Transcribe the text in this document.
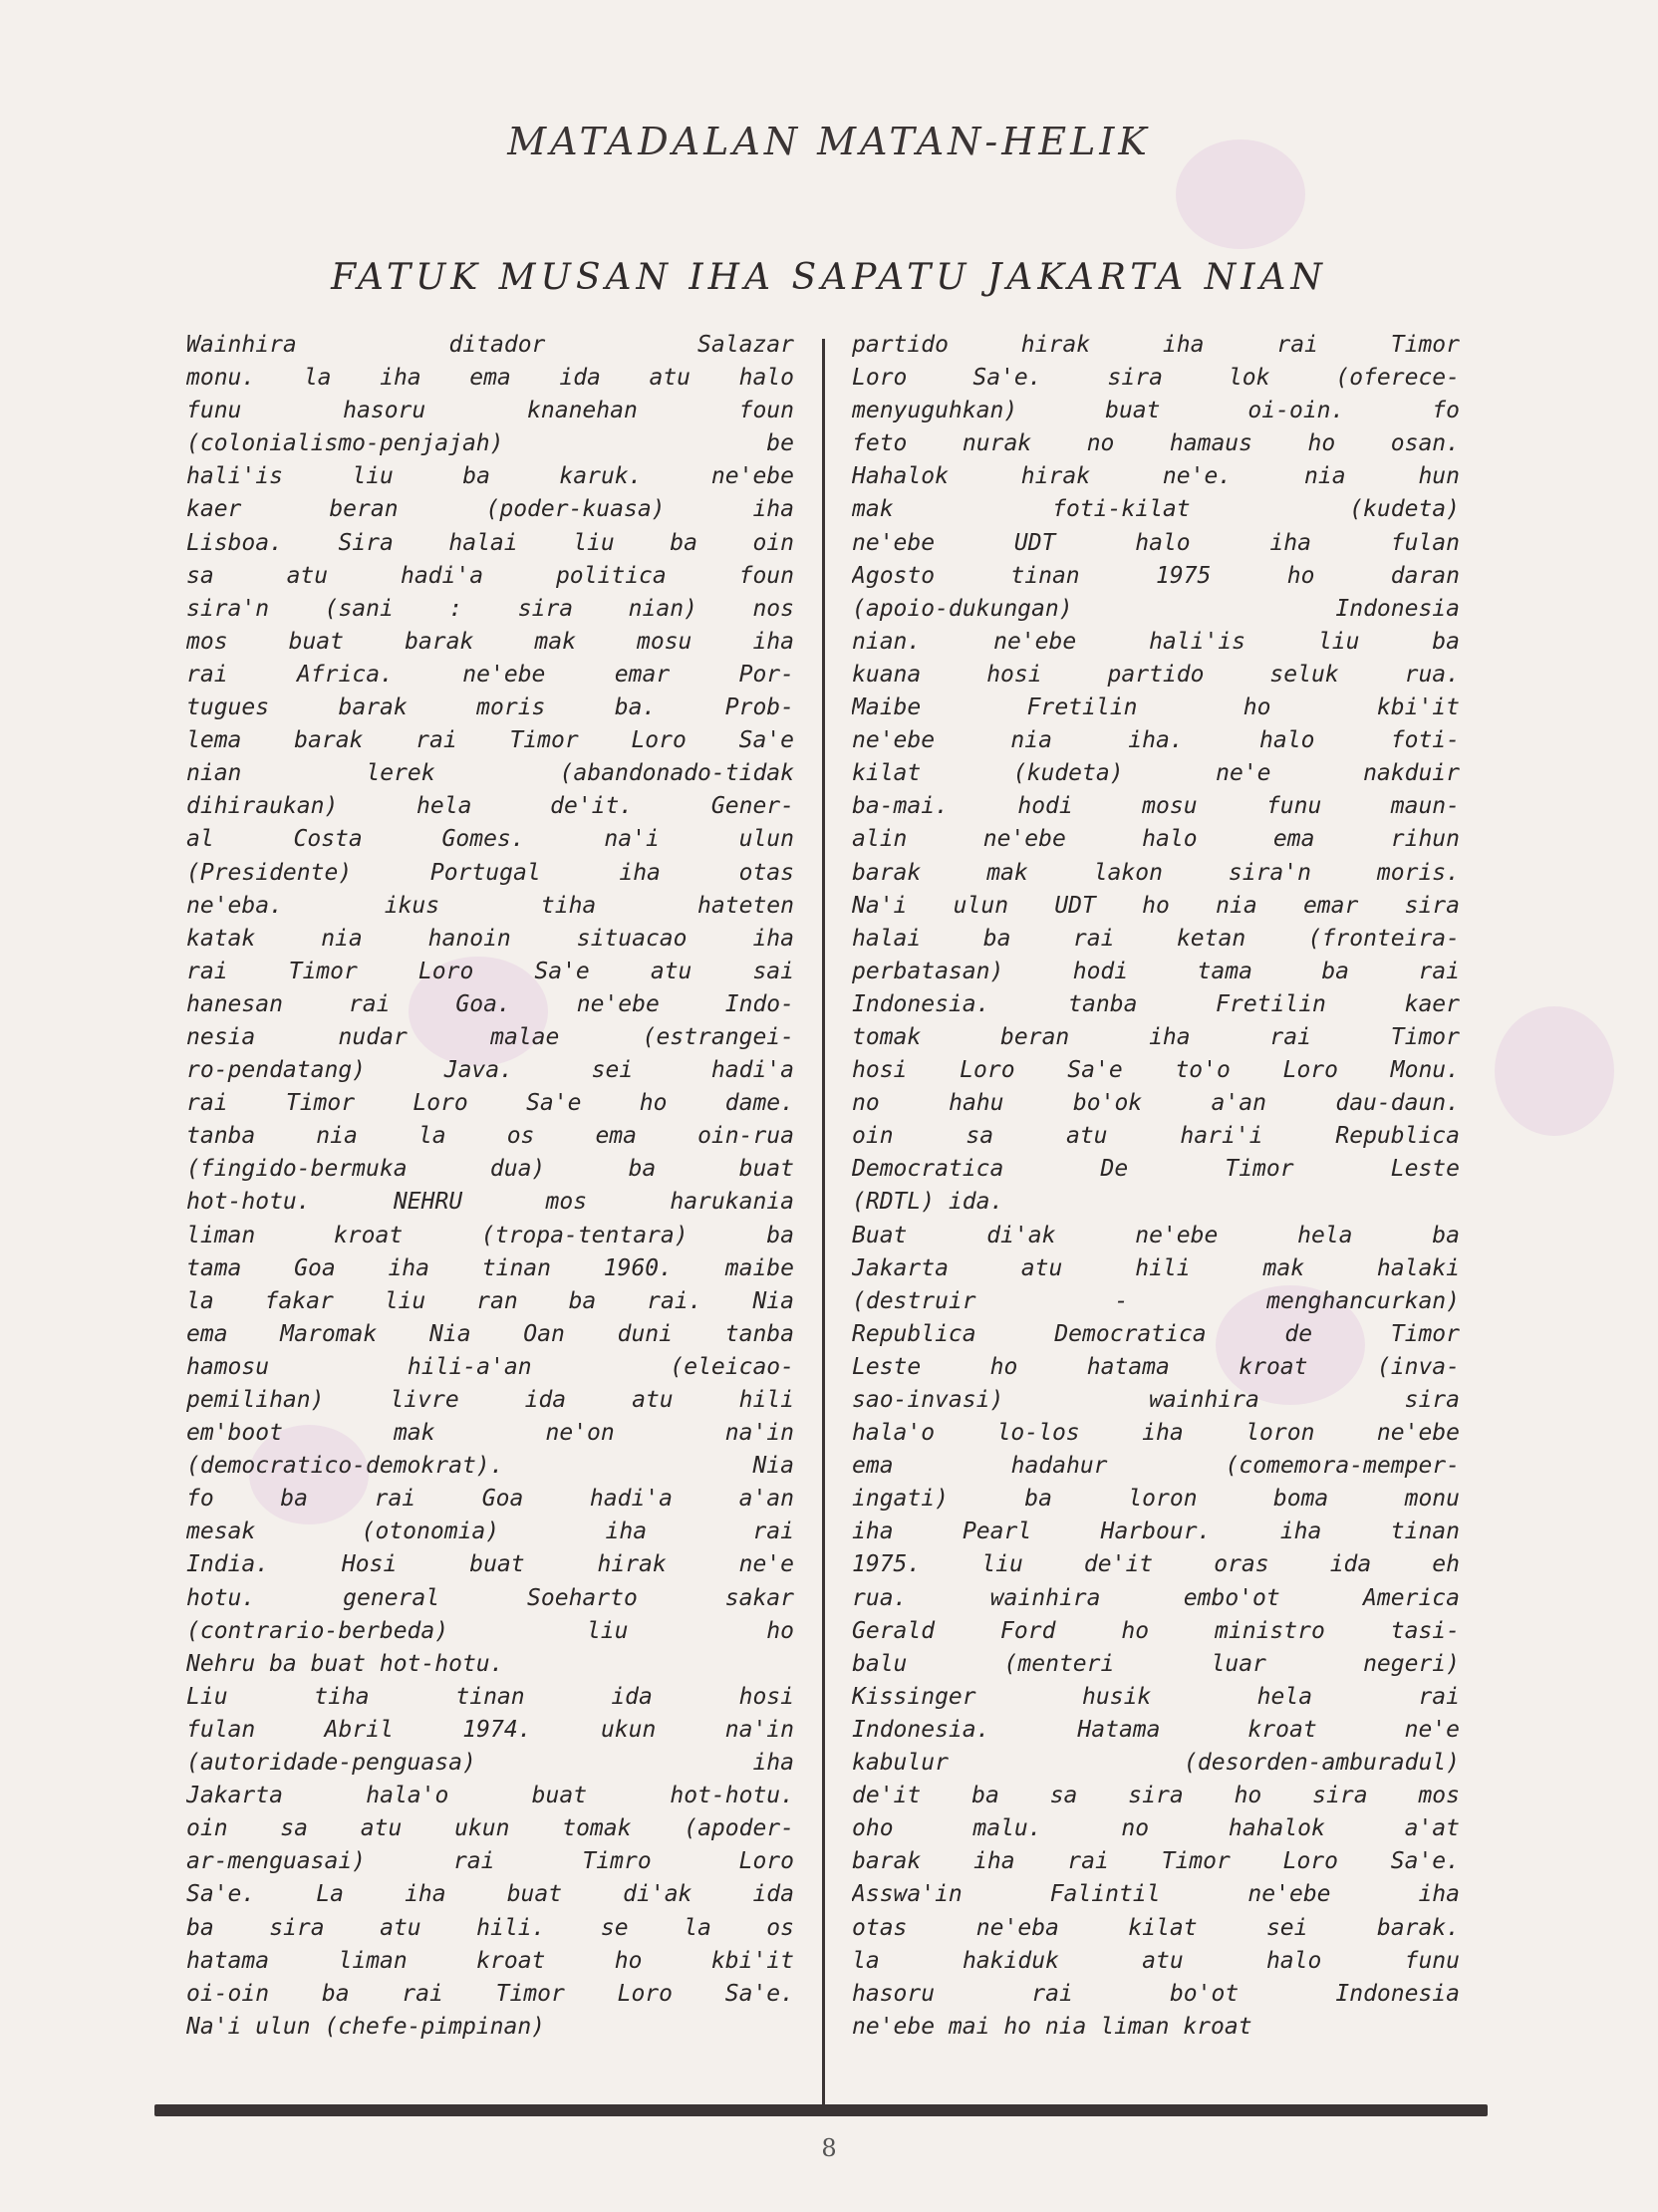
MATADALAN MATAN-HELIK
FATUK MUSAN IHA SAPATU JAKARTA NIAN
Wainhira ditador Salazar
monu. la iha ema ida atu halo
funu hasoru knanehan foun
(colonialismo-penjajah) be
hali'is liu ba karuk. ne'ebe
kaer beran (poder-kuasa) iha
Lisboa. Sira halai liu ba oin
sa atu hadi'a politica foun
sira'n (sani : sira nian) nos
mos buat barak mak mosu iha
rai Africa. ne'ebe emar Por-
tugues barak moris ba. Prob-
lema barak rai Timor Loro Sa'e
nian lerek (abandonado-tidak
dihiraukan) hela de'it. Gener-
al Costa Gomes. na'i ulun
(Presidente) Portugal iha otas
ne'eba. ikus tiha hateten
katak nia hanoin situacao iha
rai Timor Loro Sa'e atu sai
hanesan rai Goa. ne'ebe Indo-
nesia nudar malae (estrangei-
ro-pendatang) Java. sei hadi'a
rai Timor Loro Sa'e ho dame.
tanba nia la os ema oin-rua
(fingido-bermuka dua) ba buat
hot-hotu. NEHRU mos harukania
liman kroat (tropa-tentara) ba
tama Goa iha tinan 1960. maibe
la fakar liu ran ba rai. Nia
ema Maromak Nia Oan duni tanba
hamosu hili-a'an (eleicao-
pemilihan) livre ida atu hili
em'boot mak ne'on na'in
(democratico-demokrat). Nia
fo ba rai Goa hadi'a a'an
mesak (otonomia) iha rai
India. Hosi buat hirak ne'e
hotu. general Soeharto sakar
(contrario-berbeda) liu ho
Nehru ba buat hot-hotu.
Liu tiha tinan ida hosi
fulan Abril 1974. ukun na'in
(autoridade-penguasa) iha
Jakarta hala'o buat hot-hotu.
oin sa atu ukun tomak (apoder-
ar-menguasai) rai Timro Loro
Sa'e. La iha buat di'ak ida
ba sira atu hili. se la os
hatama liman kroat ho kbi'it
oi-oin ba rai Timor Loro Sa'e.
Na'i ulun (chefe-pimpinan)
partido hirak iha rai Timor
Loro Sa'e. sira lok (oferece-
menyuguhkan) buat oi-oin. fo
feto nurak no hamaus ho osan.
Hahalok hirak ne'e. nia hun
mak foti-kilat (kudeta)
ne'ebe UDT halo iha fulan
Agosto tinan 1975 ho daran
(apoio-dukungan) Indonesia
nian. ne'ebe hali'is liu ba
kuana hosi partido seluk rua.
Maibe Fretilin ho kbi'it
ne'ebe nia iha. halo foti-
kilat (kudeta) ne'e nakduir
ba-mai. hodi mosu funu maun-
alin ne'ebe halo ema rihun
barak mak lakon sira'n moris.
Na'i ulun UDT ho nia emar sira
halai ba rai ketan (fronteira-
perbatasan) hodi tama ba rai
Indonesia. tanba Fretilin kaer
tomak beran iha rai Timor
hosi Loro Sa'e to'o Loro Monu.
no hahu bo'ok a'an dau-daun.
oin sa atu hari'i Republica
Democratica De Timor Leste
(RDTL) ida.
Buat di'ak ne'ebe hela ba
Jakarta atu hili mak halaki
(destruir - menghancurkan)
Republica Democratica de Timor
Leste ho hatama kroat (inva-
sao-invasi) wainhira sira
hala'o lo-los iha loron ne'ebe
ema hadahur (comemora-memper-
ingati) ba loron boma monu
iha Pearl Harbour. iha tinan
1975. liu de'it oras ida eh
rua. wainhira embo'ot America
Gerald Ford ho ministro tasi-
balu (menteri luar negeri)
Kissinger husik hela rai
Indonesia. Hatama kroat ne'e
kabulur (desorden-amburadul)
de'it ba sa sira ho sira mos
oho malu. no hahalok a'at
barak iha rai Timor Loro Sa'e.
Asswa'in Falintil ne'ebe iha
otas ne'eba kilat sei barak.
la hakiduk atu halo funu
hasoru rai bo'ot Indonesia
ne'ebe mai ho nia liman kroat
8
